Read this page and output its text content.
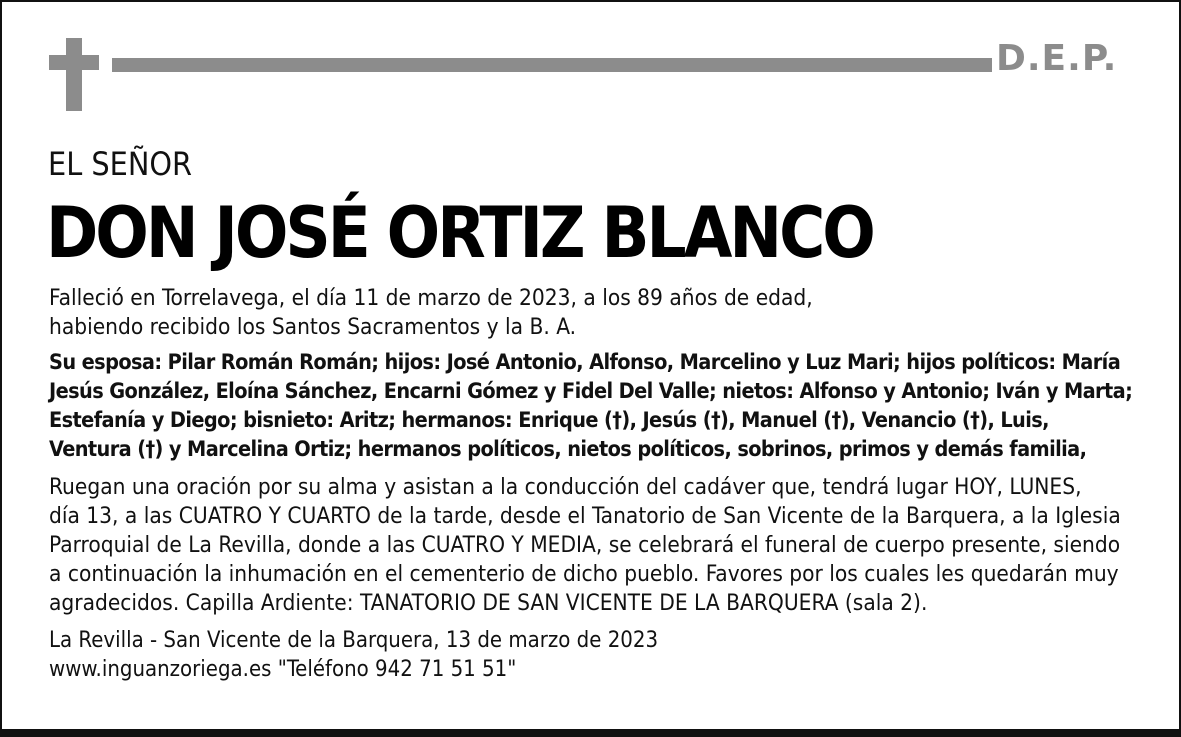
D.E.P.
EL SEÑOR
DON JOSÉ ORTIZ BLANCO
Falleció en Torrelavega, el día 11 de marzo de 2023, a los 89 años de edad,
habiendo recibido los Santos Sacramentos y la B. A.
Su esposa: Pilar Román Román; hijos: José Antonio, Alfonso, Marcelino y Luz Mari; hijos políticos: María
Jesús González, Eloína Sánchez, Encarni Gómez y Fidel Del Valle; nietos: Alfonso y Antonio; Iván y Marta;
Estefanía y Diego; bisnieto: Aritz; hermanos: Enrique (†), Jesús (†), Manuel (†), Venancio (†), Luis,
Ventura (†) y Marcelina Ortiz; hermanos políticos, nietos políticos, sobrinos, primos y demás familia,
Ruegan una oración por su alma y asistan a la conducción del cadáver que, tendrá lugar HOY, LUNES,
día 13, a las CUATRO Y CUARTO de la tarde, desde el Tanatorio de San Vicente de la Barquera, a la Iglesia
Parroquial de La Revilla, donde a las CUATRO Y MEDIA, se celebrará el funeral de cuerpo presente, siendo
a continuación la inhumación en el cementerio de dicho pueblo. Favores por los cuales les quedarán muy
agradecidos. Capilla Ardiente: TANATORIO DE SAN VICENTE DE LA BARQUERA (sala 2).
La Revilla - San Vicente de la Barquera, 13 de marzo de 2023
www.inguanzoriega.es "Teléfono 942 71 51 51"
